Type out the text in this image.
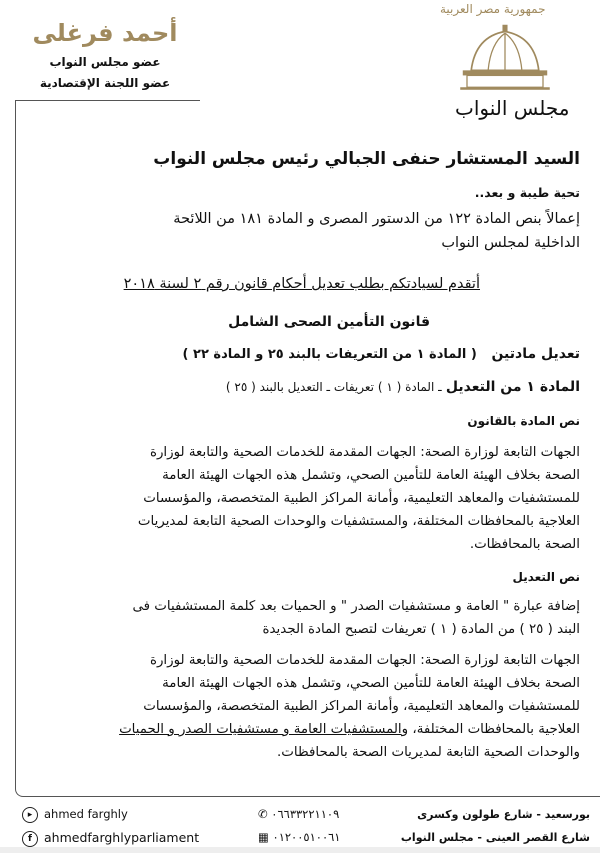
أحمد فرغلى
عضو مجلس النواب
عضو اللجنة الإقتصادية
جمهورية مصر العربية
مجلس النواب
السيد المستشار حنفى الجبالي رئيس مجلس النواب
تحية طيبة و بعد..
إعمالاً بنص المادة ١٢٢ من الدستور المصرى و المادة ١٨١ من اللائحة
الداخلية لمجلس النواب
أتقدم لسيادتكم بطلب تعديل أحكام قانون رقم ٢ لسنة ٢٠١٨
قانون التأمين الصحى الشامل
تعديل مادتين   ( المادة ١ من التعريفات بالبند ٢٥ و المادة ٢٢ )
المادة ١ من التعديل ـ المادة ( ١ ) تعريفات ـ التعديل بالبند ( ٢٥ )
نص المادة بالقانون
الجهات التابعة لوزارة الصحة: الجهات المقدمة للخدمات الصحية والتابعة لوزارة
الصحة بخلاف الهيئة العامة للتأمين الصحي، وتشمل هذه الجهات الهيئة العامة
للمستشفيات والمعاهد التعليمية، وأمانة المراكز الطبية المتخصصة، والمؤسسات
العلاجية بالمحافظات المختلفة، والمستشفيات والوحدات الصحية التابعة لمديريات
الصحة بالمحافظات.
نص التعديل
إضافة عبارة " العامة و مستشفيات الصدر " و الحميات بعد كلمة المستشفيات فى
البند ( ٢٥ ) من المادة ( ١ ) تعريفات لتصبح المادة الجديدة
الجهات التابعة لوزارة الصحة: الجهات المقدمة للخدمات الصحية والتابعة لوزارة
الصحة بخلاف الهيئة العامة للتأمين الصحي، وتشمل هذه الجهات الهيئة العامة
للمستشفيات والمعاهد التعليمية، وأمانة المراكز الطبية المتخصصة، والمؤسسات
العلاجية بالمحافظات المختلفة، والمستشفيات العامة و مستشفيات الصدر و الحميات
والوحدات الصحية التابعة لمديريات الصحة بالمحافظات.
▸ ahmed farghly
f ahmedfarghlyparliament
✆ ٠٦٦٣٣٢٢١١٠٩
▦ ٠١٢٠٠٥١٠٠٦١
بورسعيد - شارع طولون وكسرى
شارع القصر العينى - مجلس النواب
